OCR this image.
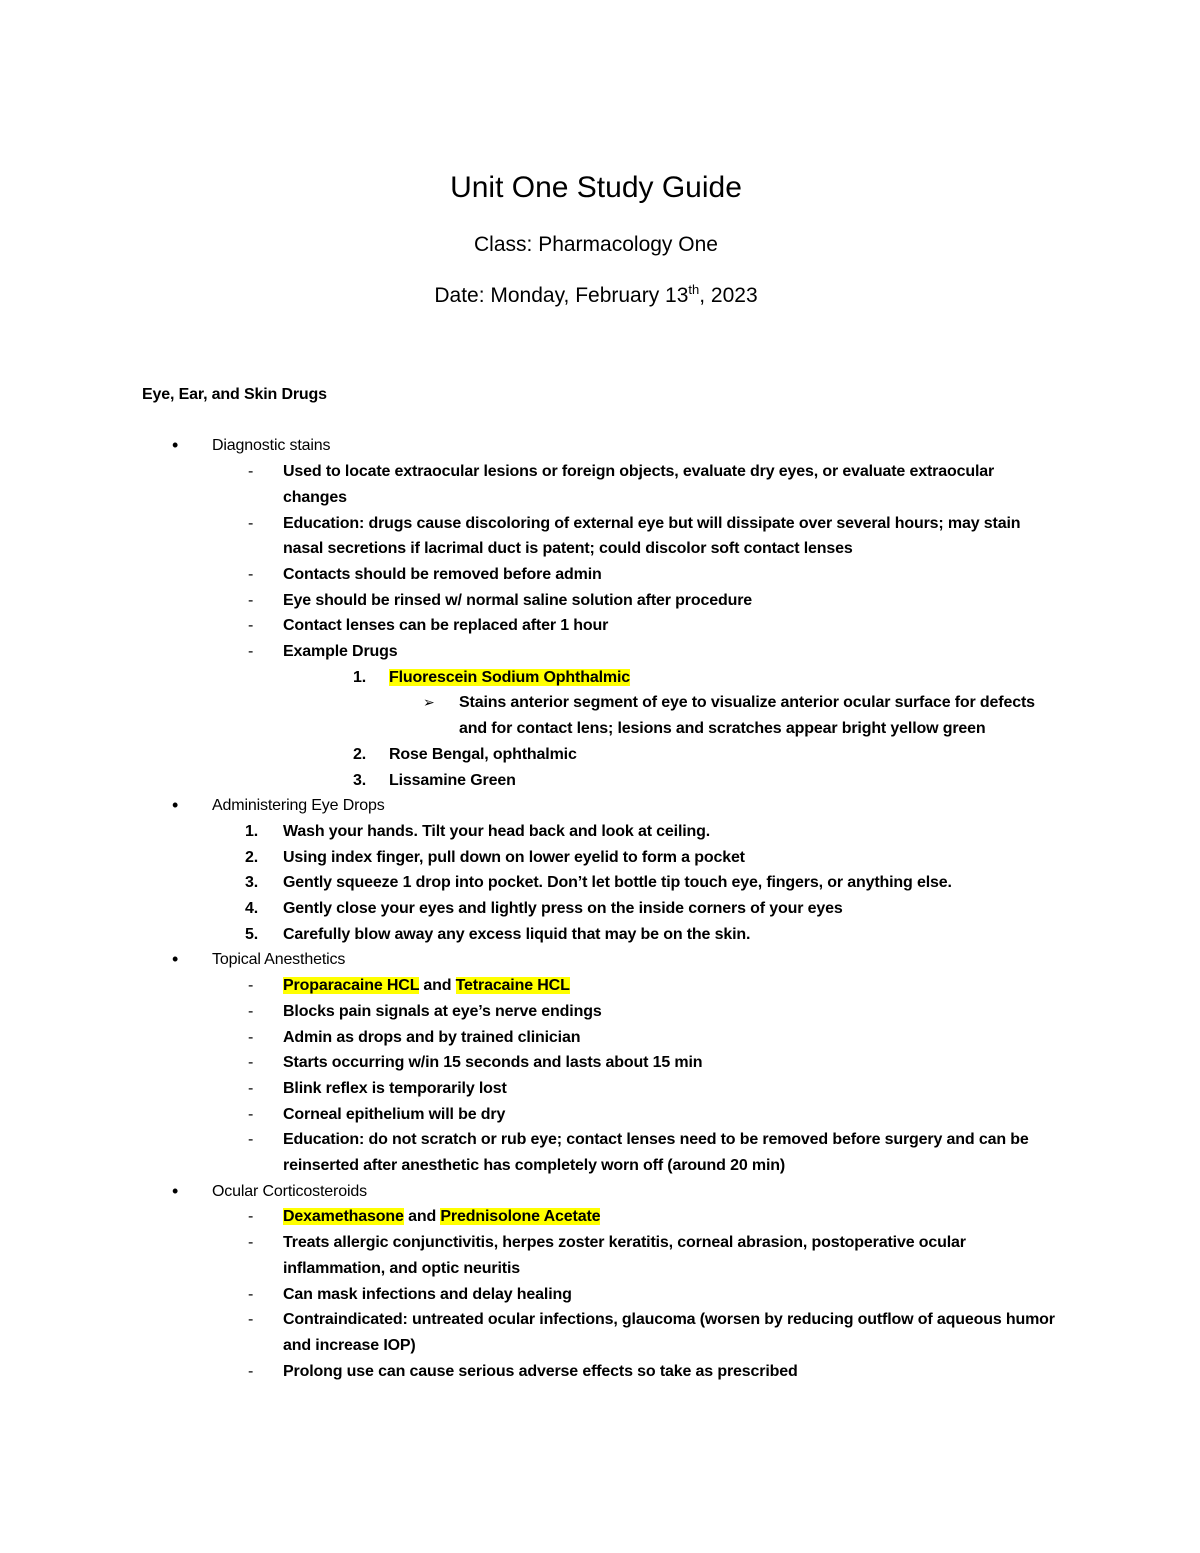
Unit One Study Guide
Class: Pharmacology One
Date: Monday, February 13th, 2023
Eye, Ear, and Skin Drugs
• Diagnostic stains
- Used to locate extraocular lesions or foreign objects, evaluate dry eyes, or evaluate extraocular changes
- Education: drugs cause discoloring of external eye but will dissipate over several hours; may stain nasal secretions if lacrimal duct is patent; could discolor soft contact lenses
- Contacts should be removed before admin
- Eye should be rinsed w/ normal saline solution after procedure
- Contact lenses can be replaced after 1 hour
- Example Drugs
1. Fluorescein Sodium Ophthalmic
➢ Stains anterior segment of eye to visualize anterior ocular surface for defects and for contact lens; lesions and scratches appear bright yellow green
2. Rose Bengal, ophthalmic
3. Lissamine Green
• Administering Eye Drops
1. Wash your hands. Tilt your head back and look at ceiling.
2. Using index finger, pull down on lower eyelid to form a pocket
3. Gently squeeze 1 drop into pocket. Don’t let bottle tip touch eye, fingers, or anything else.
4. Gently close your eyes and lightly press on the inside corners of your eyes
5. Carefully blow away any excess liquid that may be on the skin.
• Topical Anesthetics
- Proparacaine HCL and Tetracaine HCL
- Blocks pain signals at eye’s nerve endings
- Admin as drops and by trained clinician
- Starts occurring w/in 15 seconds and lasts about 15 min
- Blink reflex is temporarily lost
- Corneal epithelium will be dry
- Education: do not scratch or rub eye; contact lenses need to be removed before surgery and can be reinserted after anesthetic has completely worn off (around 20 min)
• Ocular Corticosteroids
- Dexamethasone and Prednisolone Acetate
- Treats allergic conjunctivitis, herpes zoster keratitis, corneal abrasion, postoperative ocular inflammation, and optic neuritis
- Can mask infections and delay healing
- Contraindicated: untreated ocular infections, glaucoma (worsen by reducing outflow of aqueous humor and increase IOP)
- Prolong use can cause serious adverse effects so take as prescribed
